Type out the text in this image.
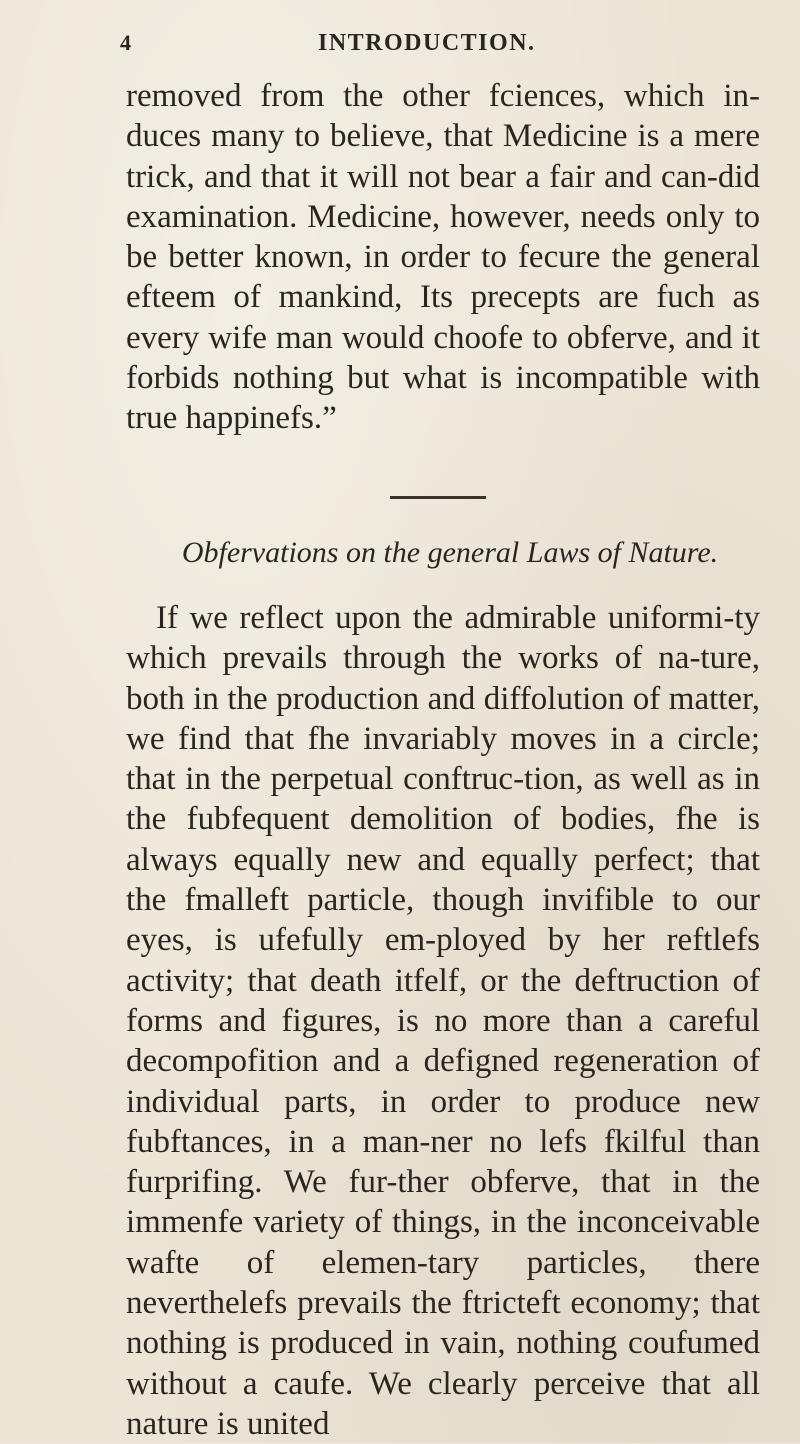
4	INTRODUCTION.

removed from the other fciences, which in-duces many to believe, that Medicine is a mere trick, and that it will not bear a fair and can-did examination. Medicine, however, needs only to be better known, in order to fecure the general efteem of mankind, Its precepts are fuch as every wife man would choofe to obferve, and it forbids nothing but what is incompatible with true happinefs.”

Obfervations on the general Laws of Nature.

If we reflect upon the admirable uniformi-ty which prevails through the works of na-ture, both in the production and diffolution of matter, we find that fhe invariably moves in a circle; that in the perpetual conftruc-tion, as well as in the fubfequent demolition of bodies, fhe is always equally new and equally perfect; that the fmalleft particle, though invifible to our eyes, is ufefully em-ployed by her reftlefs activity; that death itfelf, or the deftruction of forms and figures, is no more than a careful decompofition and a defigned regeneration of individual parts, in order to produce new fubftances, in a man-ner no lefs fkilful than furprifing. We fur-ther obferve, that in the immenfe variety of things, in the inconceivable wafte of elemen-tary particles, there neverthelefs prevails the ftricteft economy; that nothing is produced in vain, nothing coufumed without a caufe. We clearly perceive that all nature is united
